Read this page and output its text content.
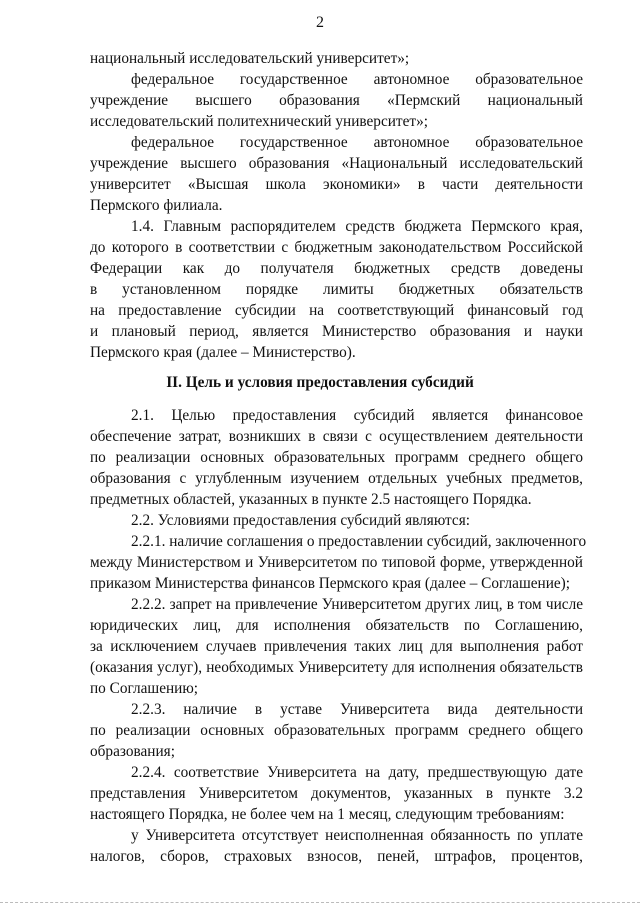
2
национальный исследовательский университет»;
федеральное государственное автономное образовательное
учреждение высшего образования «Пермский национальный
исследовательский политехнический университет»;
федеральное государственное автономное образовательное
учреждение высшего образования «Национальный исследовательский
университет «Высшая школа экономики» в части деятельности
Пермского филиала.
1.4. Главным распорядителем средств бюджета Пермского края,
до которого в соответствии с бюджетным законодательством Российской
Федерации как до получателя бюджетных средств доведены
в установленном порядке лимиты бюджетных обязательств
на предоставление субсидии на соответствующий финансовый год
и плановый период, является Министерство образования и науки
Пермского края (далее – Министерство).
II. Цель и условия предоставления субсидий
2.1. Целью предоставления субсидий является финансовое
обеспечение затрат, возникших в связи с осуществлением деятельности
по реализации основных образовательных программ среднего общего
образования с углубленным изучением отдельных учебных предметов,
предметных областей, указанных в пункте 2.5 настоящего Порядка.
2.2. Условиями предоставления субсидий являются:
2.2.1. наличие соглашения о предоставлении субсидий, заключенного
между Министерством и Университетом по типовой форме, утвержденной
приказом Министерства финансов Пермского края (далее – Соглашение);
2.2.2. запрет на привлечение Университетом других лиц, в том числе
юридических лиц, для исполнения обязательств по Соглашению,
за исключением случаев привлечения таких лиц для выполнения работ
(оказания услуг), необходимых Университету для исполнения обязательств
по Соглашению;
2.2.3. наличие в уставе Университета вида деятельности
по реализации основных образовательных программ среднего общего
образования;
2.2.4. соответствие Университета на дату, предшествующую дате
представления Университетом документов, указанных в пункте 3.2
настоящего Порядка, не более чем на 1 месяц, следующим требованиям:
у Университета отсутствует неисполненная обязанность по уплате
налогов, сборов, страховых взносов, пеней, штрафов, процентов,
